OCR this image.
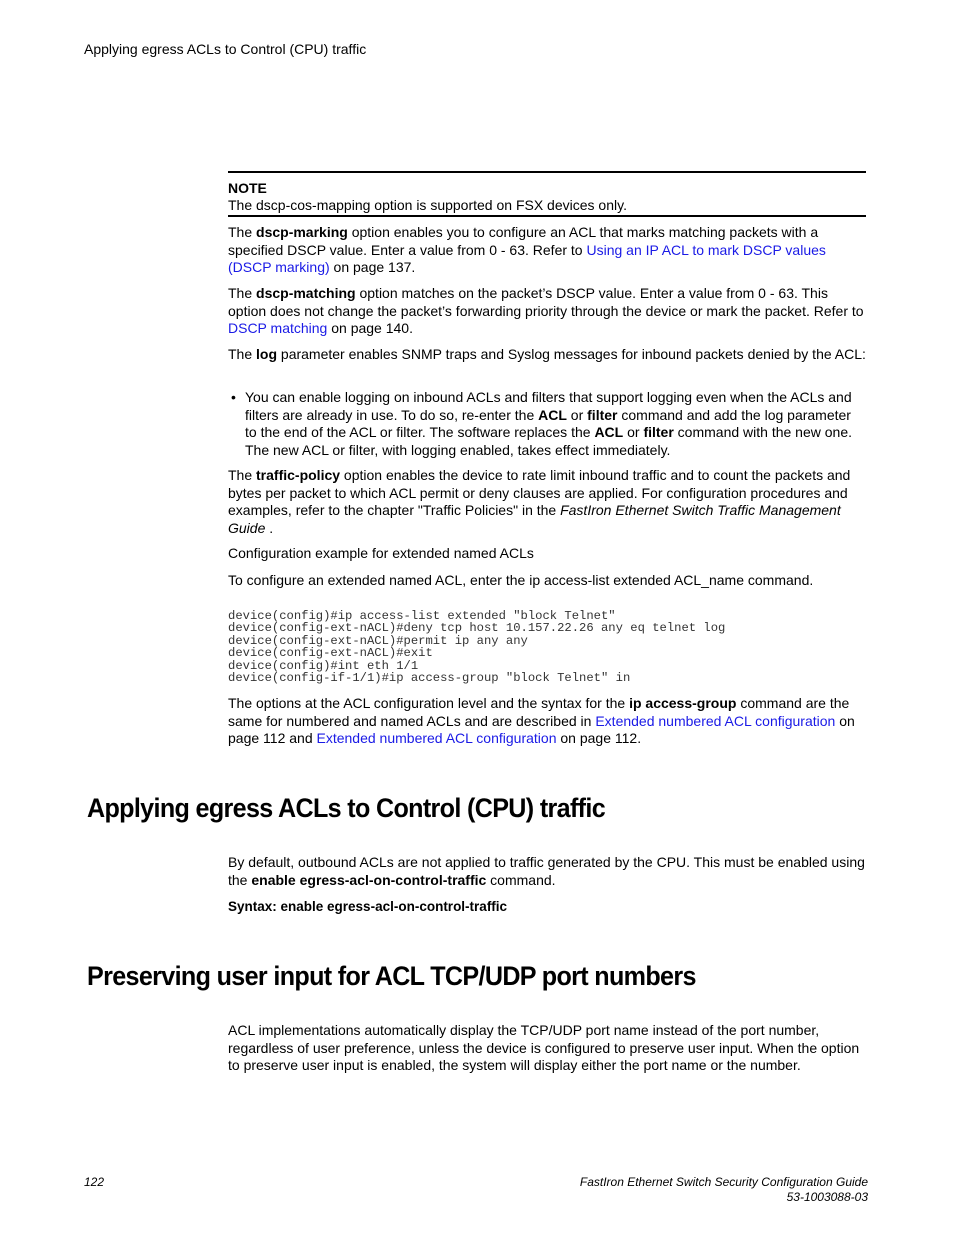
Applying egress ACLs to Control (CPU) traffic
NOTE
The dscp-cos-mapping option is supported on FSX devices only.

The dscp-marking option enables you to configure an ACL that marks matching packets with a specified DSCP value. Enter a value from 0 - 63. Refer to Using an IP ACL to mark DSCP values (DSCP marking) on page 137.

The dscp-matching option matches on the packet’s DSCP value. Enter a value from 0 - 63. This option does not change the packet’s forwarding priority through the device or mark the packet. Refer to DSCP matching on page 140.

The log parameter enables SNMP traps and Syslog messages for inbound packets denied by the ACL:

• You can enable logging on inbound ACLs and filters that support logging even when the ACLs and filters are already in use. To do so, re-enter the ACL or filter command and add the log parameter to the end of the ACL or filter. The software replaces the ACL or filter command with the new one. The new ACL or filter, with logging enabled, takes effect immediately.

The traffic-policy option enables the device to rate limit inbound traffic and to count the packets and bytes per packet to which ACL permit or deny clauses are applied. For configuration procedures and examples, refer to the chapter "Traffic Policies" in the FastIron Ethernet Switch Traffic Management Guide .

Configuration example for extended named ACLs
To configure an extended named ACL, enter the ip access-list extended ACL_name command.
device(config)#ip access-list extended "block Telnet"
device(config-ext-nACL)#deny tcp host 10.157.22.26 any eq telnet log
device(config-ext-nACL)#permit ip any any
device(config-ext-nACL)#exit
device(config)#int eth 1/1
device(config-if-1/1)#ip access-group "block Telnet" in

The options at the ACL configuration level and the syntax for the ip access-group command are the same for numbered and named ACLs and are described in Extended numbered ACL configuration on page 112 and Extended numbered ACL configuration on page 112.

Applying egress ACLs to Control (CPU) traffic

By default, outbound ACLs are not applied to traffic generated by the CPU. This must be enabled using the enable egress-acl-on-control-traffic command.

Syntax: enable egress-acl-on-control-traffic
Preserving user input for ACL TCP/UDP port numbers
ACL implementations automatically display the TCP/UDP port name instead of the port number, regardless of user preference, unless the device is configured to preserve user input. When the option to preserve user input is enabled, the system will display either the port name or the number.
122	FastIron Ethernet Switch Security Configuration Guide
53-1003088-03
